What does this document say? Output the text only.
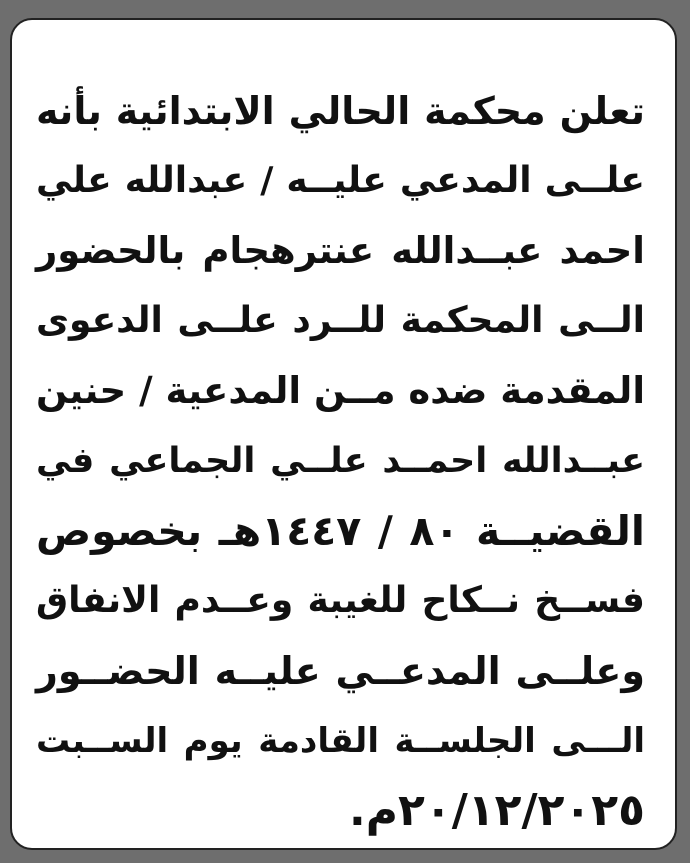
تعلن محكمة الحالي الابتدائية بأنه
علــى المدعي عليــه / عبدالله علي
احمد عبــدالله عنترهجام بالحضور
الــى المحكمة للــرد علــى الدعوى
المقدمة ضده مــن المدعية / حنين
عبــدالله احمــد علــي الجماعي في
القضيــة ٨٠ / ١٤٤٧هـ بخصوص
فســخ نــكاح للغيبة وعــدم الانفاق
وعلــى المدعــي عليــه الحضــور
الـــى الجلســة القادمة يوم الســبت
٢٠/١٢/٢٠٢٥م.
